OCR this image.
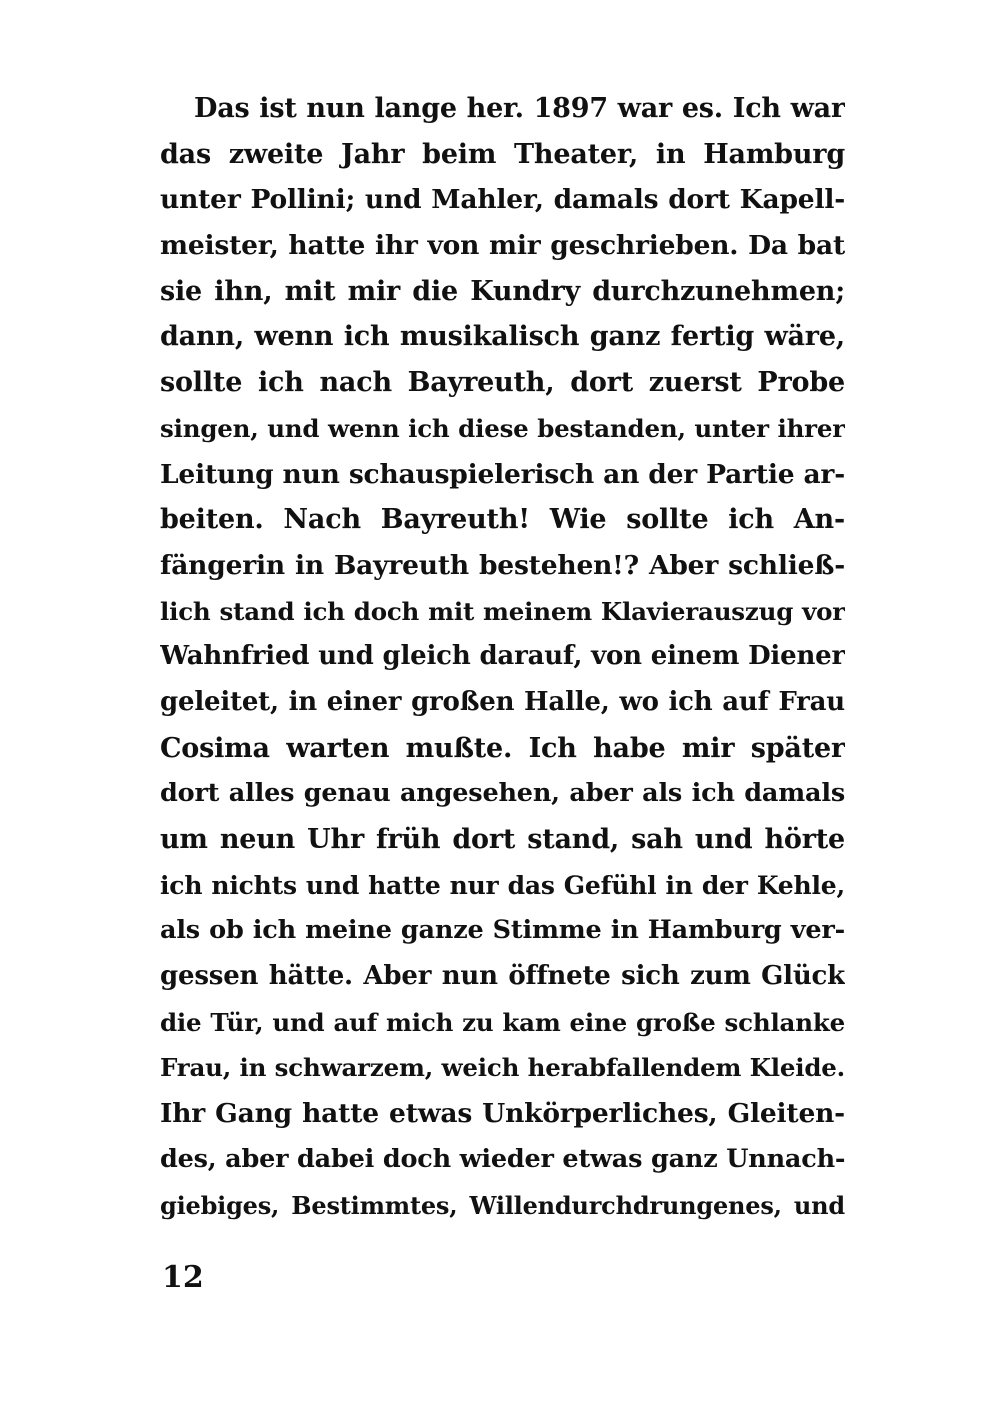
Das ist nun lange her. 1897 war es. Ich war
das zweite Jahr beim Theater, in Hamburg
unter Pollini; und Mahler, damals dort Kapell-
meister, hatte ihr von mir geschrieben. Da bat
sie ihn, mit mir die Kundry durchzunehmen;
dann, wenn ich musikalisch ganz fertig wäre,
sollte ich nach Bayreuth, dort zuerst Probe
singen, und wenn ich diese bestanden, unter ihrer
Leitung nun schauspielerisch an der Partie ar-
beiten. Nach Bayreuth! Wie sollte ich An-
fängerin in Bayreuth bestehen!? Aber schließ-
lich stand ich doch mit meinem Klavierauszug vor
Wahnfried und gleich darauf, von einem Diener
geleitet, in einer großen Halle, wo ich auf Frau
Cosima warten mußte. Ich habe mir später
dort alles genau angesehen, aber als ich damals
um neun Uhr früh dort stand, sah und hörte
ich nichts und hatte nur das Gefühl in der Kehle,
als ob ich meine ganze Stimme in Hamburg ver-
gessen hätte. Aber nun öffnete sich zum Glück
die Tür, und auf mich zu kam eine große schlanke
Frau, in schwarzem, weich herabfallendem Kleide.
Ihr Gang hatte etwas Unkörperliches, Gleiten-
des, aber dabei doch wieder etwas ganz Unnach-
giebiges, Bestimmtes, Willendurchdrungenes, und
12
